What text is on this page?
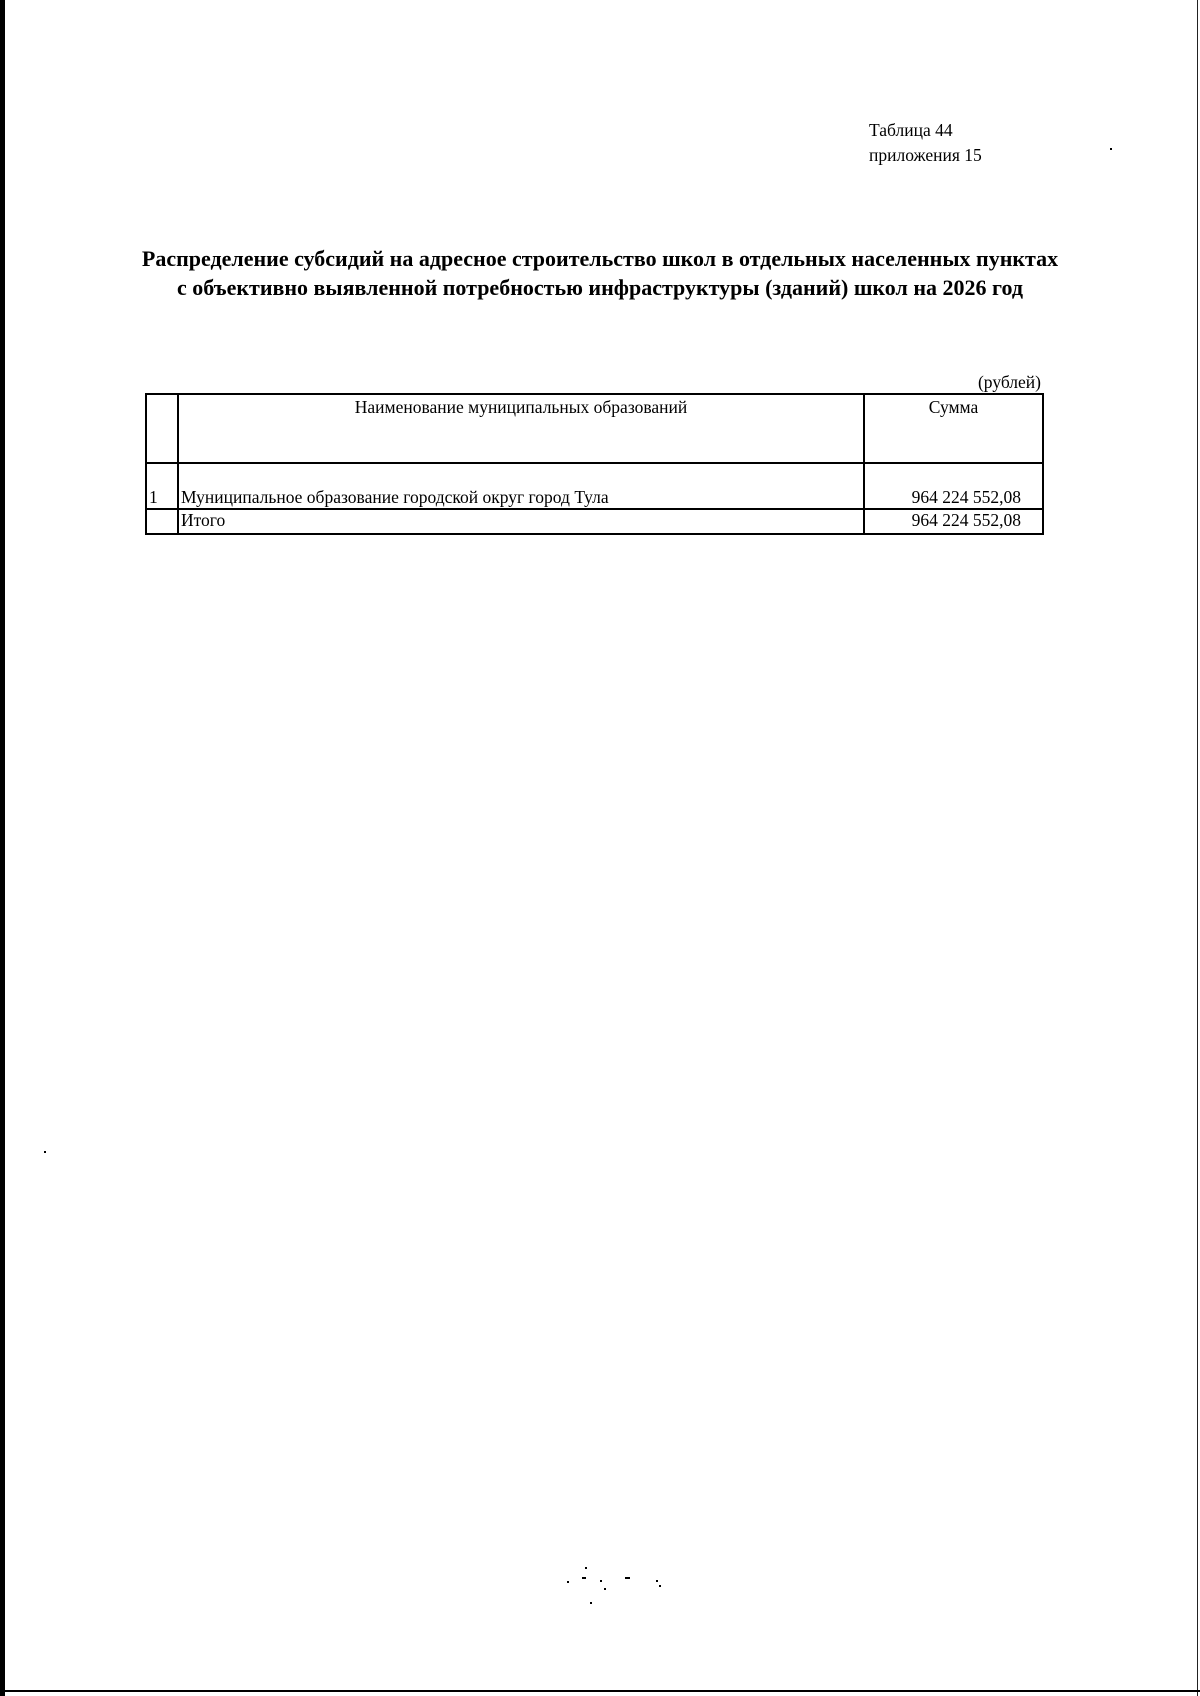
Таблица 44
приложения 15
Распределение субсидий на адресное строительство школ в отдельных населенных пунктах
с объективно выявленной потребностью инфраструктуры (зданий) школ на 2026 год
(рублей)
Наименование муниципальных образований	Сумма
1 Муниципальное образование городской округ город Тула	964 224 552,08
Итого	964 224 552,08
